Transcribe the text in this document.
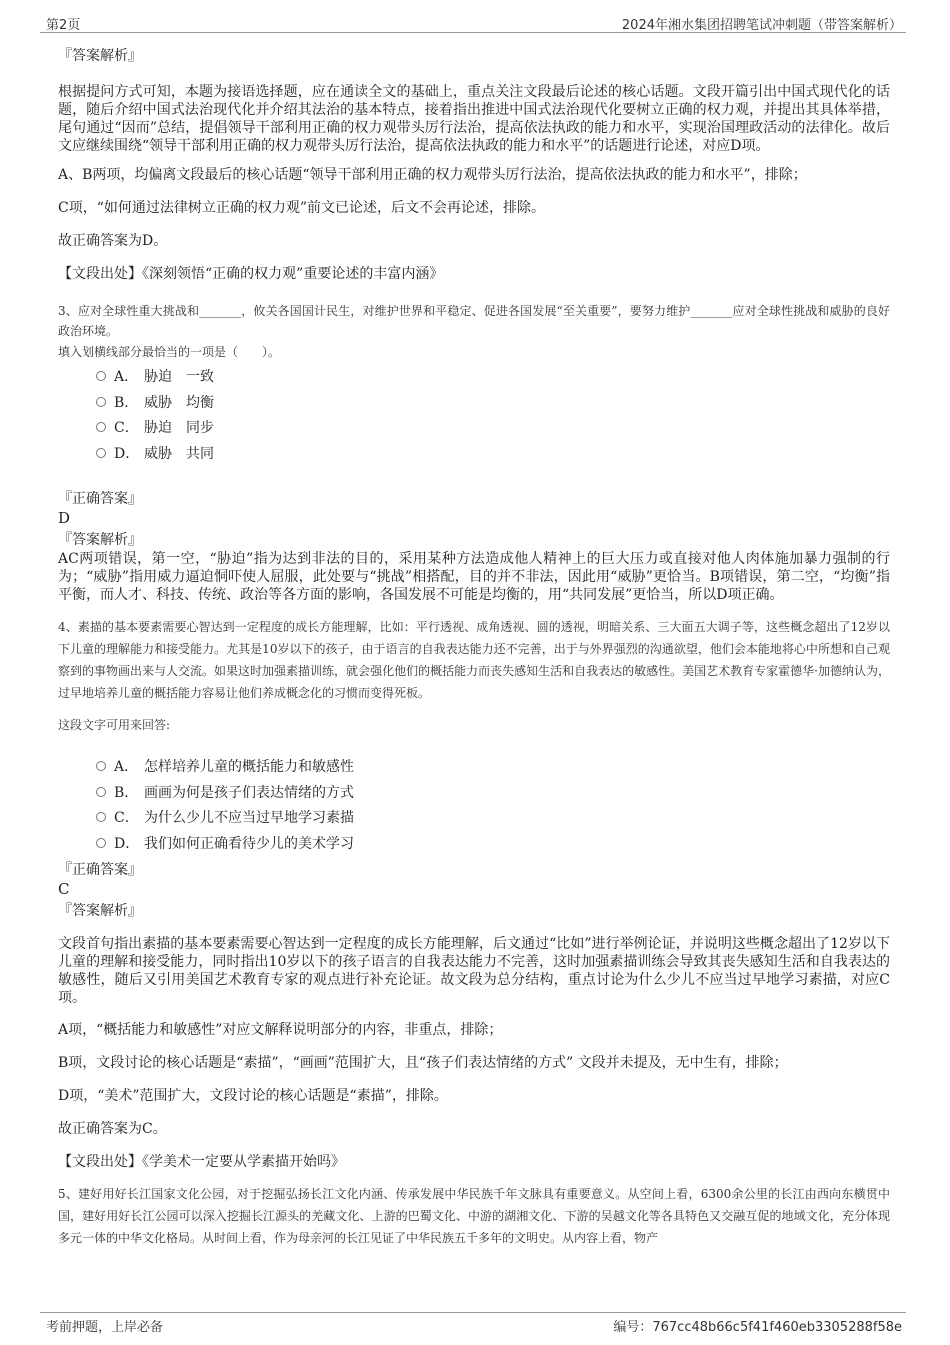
第2页	2024年湘水集团招聘笔试冲刺题（带答案解析）

『答案解析』

根据提问方式可知，本题为接语选择题，应在通读全文的基础上，重点关注文段最后论述的核心话题。文段开篇引出中国式现代化的话题，随后介绍中国式法治现代化并介绍其法治的基本特点，接着指出推进中国式法治现代化要树立正确的权力观，并提出其具体举措，尾句通过“因而”总结，提倡领导干部利用正确的权力观带头厉行法治，提高依法执政的能力和水平，实现治国理政活动的法律化。故后文应继续围绕“领导干部利用正确的权力观带头厉行法治，提高依法执政的能力和水平”的话题进行论述，对应D项。

A、B两项，均偏离文段最后的核心话题“领导干部利用正确的权力观带头厉行法治，提高依法执政的能力和水平”，排除；

C项，“如何通过法律树立正确的权力观”前文已论述，后文不会再论述，排除。

故正确答案为D。

【文段出处】《深刻领悟“正确的权力观”重要论述的丰富内涵》

3、应对全球性重大挑战和_______，攸关各国国计民生，对维护世界和平稳定、促进各国发展“至关重要”，要努力维护_______应对全球性挑战和威胁的良好政治环境。

填入划横线部分最恰当的一项是（　　）。

A． 胁迫　一致
B． 威胁　均衡
C． 胁迫　同步
D． 威胁　共同

『正确答案』

D

『答案解析』

AC两项错误，第一空，“胁迫”指为达到非法的目的，采用某种方法造成他人精神上的巨大压力或直接对他人肉体施加暴力强制的行为；“威胁”指用威力逼迫恫吓使人屈服，此处要与“挑战”相搭配，目的并不非法，因此用“威胁”更恰当。B项错误，第二空，“均衡”指平衡，而人才、科技、传统、政治等各方面的影响，各国发展不可能是均衡的，用“共同发展”更恰当，所以D项正确。

4、素描的基本要素需要心智达到一定程度的成长方能理解，比如：平行透视、成角透视、圆的透视，明暗关系、三大面五大调子等，这些概念超出了12岁以下儿童的理解能力和接受能力。尤其是10岁以下的孩子，由于语言的自我表达能力还不完善，出于与外界强烈的沟通欲望，他们会本能地将心中所想和自己观察到的事物画出来与人交流。如果这时加强素描训练，就会强化他们的概括能力而丧失感知生活和自我表达的敏感性。美国艺术教育专家霍德华·加德纳认为，过早地培养儿童的概括能力容易让他们养成概念化的习惯而变得死板。

这段文字可用来回答:

A． 怎样培养儿童的概括能力和敏感性
B． 画画为何是孩子们表达情绪的方式
C． 为什么少儿不应当过早地学习素描
D． 我们如何正确看待少儿的美术学习

『正确答案』

C

『答案解析』

文段首句指出素描的基本要素需要心智达到一定程度的成长方能理解，后文通过“比如”进行举例论证，并说明这些概念超出了12岁以下儿童的理解和接受能力，同时指出10岁以下的孩子语言的自我表达能力不完善，这时加强素描训练会导致其丧失感知生活和自我表达的敏感性，随后又引用美国艺术教育专家的观点进行补充论证。故文段为总分结构，重点讨论为什么少儿不应当过早地学习素描，对应C项。

A项，“概括能力和敏感性”对应文解释说明部分的内容，非重点，排除；

B项，文段讨论的核心话题是“素描”，“画画”范围扩大，且“孩子们表达情绪的方式” 文段并未提及，无中生有，排除；

D项，“美术”范围扩大，文段讨论的核心话题是“素描”，排除。

故正确答案为C。

【文段出处】《学美术一定要从学素描开始吗》

5、建好用好长江国家文化公园，对于挖掘弘扬长江文化内涵、传承发展中华民族千年文脉具有重要意义。从空间上看，6300余公里的长江由西向东横贯中国，建好用好长江公园可以深入挖掘长江源头的羌藏文化、上游的巴蜀文化、中游的湖湘文化、下游的吴越文化等各具特色又交融互促的地域文化，充分体现多元一体的中华文化格局。从时间上看，作为母亲河的长江见证了中华民族五千多年的文明史。从内容上看，物产

考前押题，上岸必备	编号：767cc48b66c5f41f460eb3305288f58e
